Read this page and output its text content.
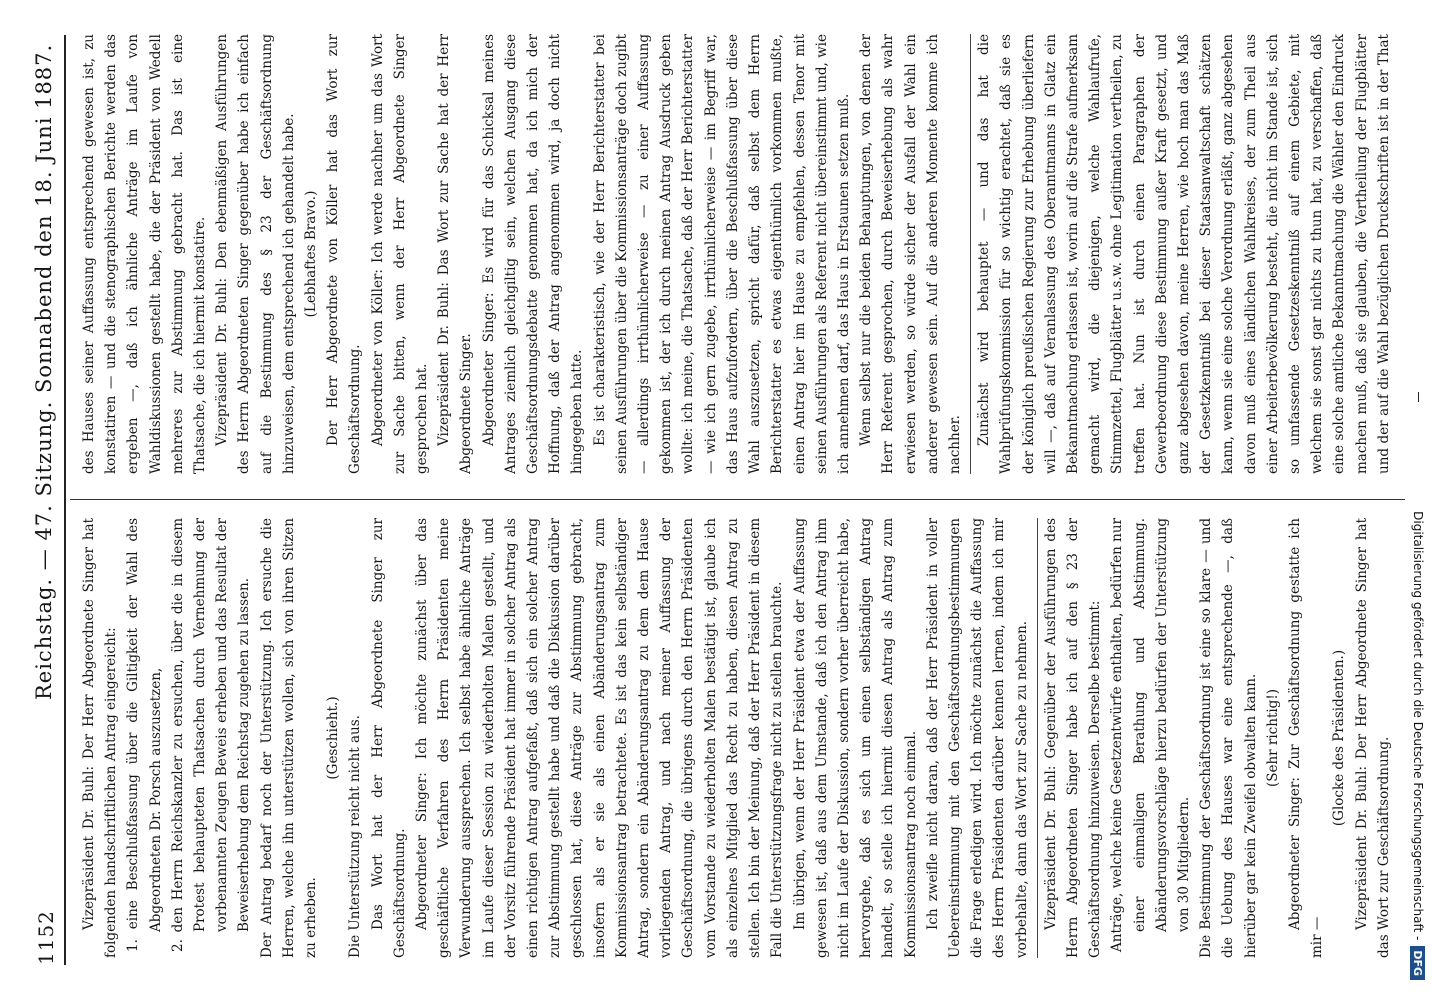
1152
Reichstag. — 47. Sitzung. Sonnabend den 18. Juni 1887.

Vizepräsident Dr. Buhl: Der Herr Abgeordnete Singer hat folgenden handschriftlichen Antrag eingereicht: 1. eine Beschlußfassung über die Giltigkeit der Wahl des Abgeordneten Dr. Porsch auszusetzen, 2. den Herrn Reichskanzler zu ersuchen, über die in diesem Protest behaupteten Thatsachen durch Vernehmung der vorbenannten Zeugen Beweis erheben und das Resultat der Beweiserhebung dem Reichstag zugehen zu lassen. Der Antrag bedarf noch der Unterstützung. Ich ersuche die Herren, welche ihn unterstützen wollen, sich von ihren Sitzen zu erheben.

(Geschieht.) Die Unterstützung reicht nicht aus. Das Wort hat der Herr Abgeordnete Singer zur Geschäftsordnung. Abgeordneter Singer: Ich möchte zunächst über das geschäftliche Verfahren des Herrn Präsidenten meine Verwunderung aussprechen. Ich selbst habe ähnliche Anträge im Laufe dieser Session zu wiederholten Malen gestellt, und der Vorsitz führende Präsident hat immer in solcher Antrag als einen richtigen Antrag aufgefaßt, daß sich ein solcher Antrag zur Abstimmung gestellt habe und daß die Diskussion darüber geschlossen hat, diese Anträge zur Abstimmung gebracht, insofern als er sie als einen Abänderungsantrag zum Kommissionsantrag betrachtete. Es ist das kein selbständiger Antrag, sondern ein Abänderungsantrag zu dem dem Hause vorliegenden Antrag, und nach meiner Auffassung der Geschäftsordnung, die übrigens durch den Herrn Präsidenten vom Vorstande zu wiederholten Malen bestätigt ist, glaube ich als einzelnes Mitglied das Recht zu haben, diesen Antrag zu stellen. Ich bin der Meinung, daß der Herr Präsident in diesem Fall die Unterstützungsfrage nicht zu stellen brauchte. Im übrigen, wenn der Herr Präsident etwa der Auffassung gewesen ist, daß aus dem Umstande, daß ich den Antrag ihm nicht im Laufe der Diskussion, sondern vorher überreicht habe, hervorgehe, daß es sich um einen selbständigen Antrag handelt, so stelle ich hiermit diesen Antrag als Antrag zum Kommissionsantrag noch einmal. Ich zweifle nicht daran, daß der Herr Präsident in voller Uebereinstimmung mit den Geschäftsordnungsbestimmungen die Frage erledigen wird. Ich möchte zunächst die Auffassung des Herrn Präsidenten darüber kennen lernen, indem ich mir vorbehalte, dann das Wort zur Sache zu nehmen. Vizepräsident Dr. Buhl: Gegenüber der Ausführungen des Herrn Abgeordneten Singer habe ich auf den § 23 der Geschäftsordnung hinzuweisen. Derselbe bestimmt: Anträge, welche keine Gesetzentwürfe enthalten, bedürfen nur einer einmaligen Berathung und Abstimmung. Abänderungsvorschläge hierzu bedürfen der Unterstützung von 30 Mitgliedern. Die Bestimmung der Geschäftsordnung ist eine so klare — und die Uebung des Hauses war eine entsprechende —, daß hierüber gar kein Zweifel obwalten kann. (Sehr richtig!) Abgeordneter Singer: Zur Geschäftsordnung gestatte ich mir —

(Glocke des Präsidenten.) Vizepräsident Dr. Buhl: Der Herr Abgeordnete Singer hat das Wort zur Geschäftsordnung.

des Hauses seiner Auffassung entsprechend gewesen ist, zu konstatiren — und die stenographischen Berichte werden das ergeben —, daß ich ähnliche Anträge im Laufe von Wahldiskussionen gestellt habe, die der Präsident von Wedell mehreres zur Abstimmung gebracht hat. Das ist eine Thatsache, die ich hiermit konstatire. Vizepräsident Dr. Buhl: Den ebenmäßigen Ausführungen des Herrn Abgeordneten Singer gegenüber habe ich einfach auf die Bestimmung des § 23 der Geschäftsordnung hinzuweisen, dem entsprechend ich gehandelt habe. (Lebhaftes Bravo.) Der Herr Abgeordnete von Köller hat das Wort zur Geschäftsordnung. Abgeordneter von Köller: Ich werde nachher um das Wort zur Sache bitten, wenn der Herr Abgeordnete Singer gesprochen hat. Vizepräsident Dr. Buhl: Das Wort zur Sache hat der Herr Abgeordnete Singer. Abgeordneter Singer: Es wird für das Schicksal meines Antrages ziemlich gleichgiltig sein, welchen Ausgang diese Geschäftsordnungsdebatte genommen hat, da ich mich der Hoffnung, daß der Antrag angenommen wird, ja doch nicht hingegeben hatte. Es ist charakteristisch, wie der Herr Berichterstatter bei seinen Ausführungen über die Kommissionsanträge doch zugibt — allerdings irrthümlicherweise — zu einer Auffassung gekommen ist, der ich durch meinen Antrag Ausdruck geben wollte: ich meine, die Thatsache, daß der Herr Berichterstatter — wie ich gern zugebe, irrthümlicherweise — im Begriff war, das Haus aufzufordern, über die Beschlußfassung über diese Wahl auszusetzen, spricht dafür, daß selbst dem Herrn Berichterstatter es etwas eigenthümlich vorkommen mußte, einen Antrag hier im Hause zu empfehlen, dessen Tenor mit seinen Ausführungen als Referent nicht übereinstimmt und, wie ich annehmen darf, das Haus in Erstaunen setzen muß. Wenn selbst nur die beiden Behauptungen, von denen der Herr Referent gesprochen, durch Beweiserhebung als wahr erwiesen werden, so würde sicher der Ausfall der Wahl ein anderer gewesen sein. Auf die anderen Momente komme ich nachher. Zunächst wird behauptet — und das hat die Wahlprüfungskommission für so wichtig erachtet, daß sie es der königlich preußischen Regierung zur Erhebung überliefern will —, daß auf Veranlassung des Oberamtmanns in Glatz ein Bekanntmachung erlassen ist, worin auf die Strafe aufmerksam gemacht wird, die diejenigen, welche Wahlaufrufe, Stimmzettel, Flugblätter u.s.w. ohne Legitimation vertheilen, zu treffen hat. Nun ist durch einen Paragraphen der Gewerbeordnung diese Bestimmung außer Kraft gesetzt, und ganz abgesehen davon, meine Herren, wie hoch man das Maß der Gesetzkenntniß bei dieser Staatsanwaltschaft schätzen kann, wenn sie eine solche Verordnung erläßt, ganz abgesehen davon muß eines ländlichen Wahlkreises, der zum Theil aus einer Arbeiterbevölkerung besteht, die nicht im Stande ist, sich so umfassende Gesetzeskenntniß auf einem Gebiete, mit welchem sie sonst gar nichts zu thun hat, zu verschaffen, daß eine solche amtliche Bekanntmachung die Wähler den Eindruck machen muß, daß sie glauben, die Vertheilung der Flugblätter und der auf die Wahl bezüglichen Druckschriften ist in der That

Digitalisierung gefördert durch die Deutsche Forschungsgemeinschaft -DFG
